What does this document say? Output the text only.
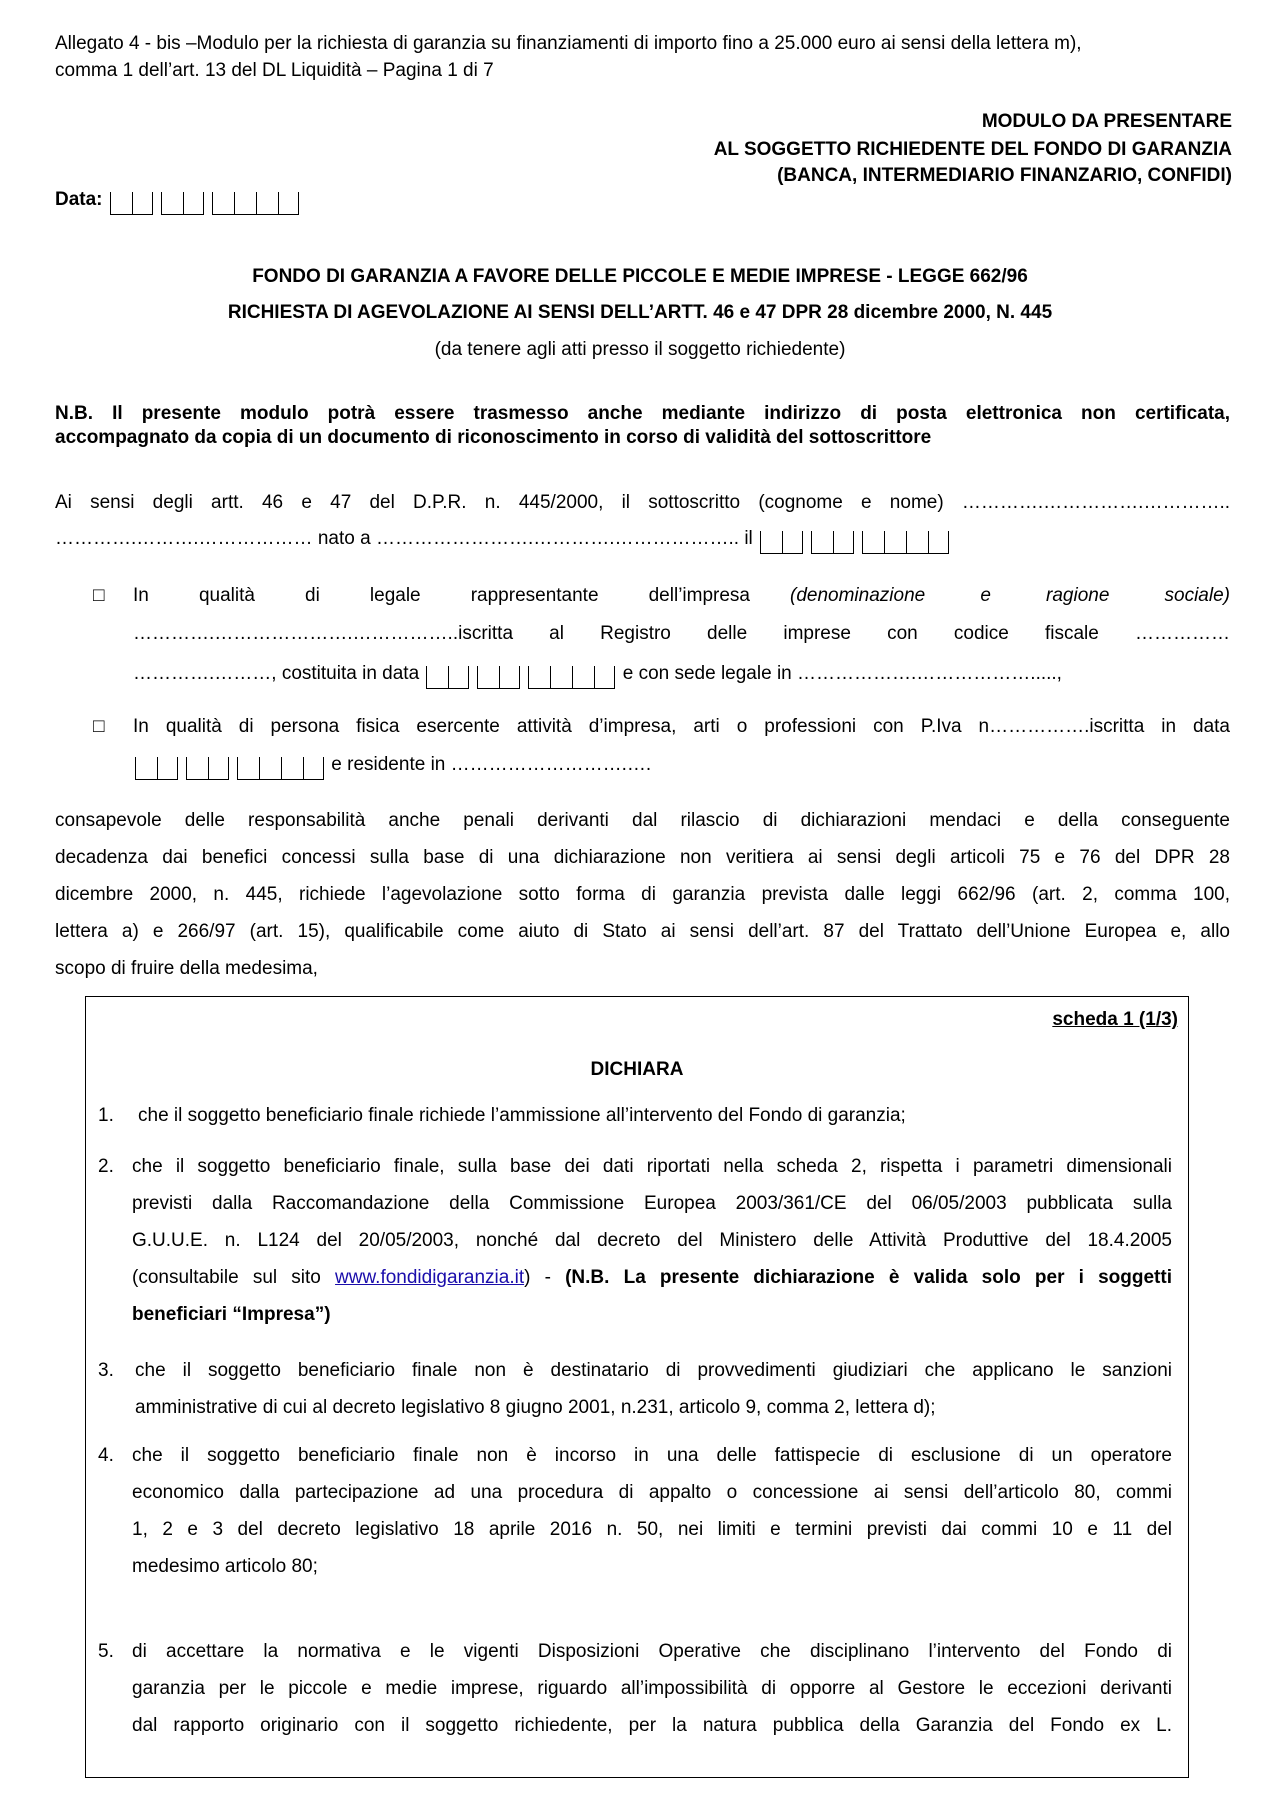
Allegato 4 - bis –Modulo per la richiesta di garanzia su finanziamenti di importo fino a 25.000 euro ai sensi della lettera m),
comma 1 dell’art. 13 del DL Liquidità – Pagina 1 di 7
MODULO DA PRESENTARE
AL SOGGETTO RICHIEDENTE DEL FONDO DI GARANZIA
(BANCA, INTERMEDIARIO FINANZARIO, CONFIDI)
Data:
FONDO DI GARANZIA A FAVORE DELLE PICCOLE E MEDIE IMPRESE - LEGGE 662/96
RICHIESTA DI AGEVOLAZIONE AI SENSI DELL’ARTT. 46 e 47 DPR 28 dicembre 2000, N. 445
(da tenere agli atti presso il soggetto richiedente)
N.B. Il presente modulo potrà essere trasmesso anche mediante indirizzo di posta elettronica non certificata,
accompagnato da copia di un documento di riconoscimento in corso di validità del sottoscrittore
Ai sensi degli artt. 46 e 47 del D.P.R. n. 445/2000, il sottoscritto (cognome e nome) ………….…………….…………..
………….……….……………… nato a …………………….………….……………….. il
□ In qualità di legale rappresentante dell’impresa	(denominazione e ragione sociale)
………….………………….……………..iscritta al Registro delle imprese con codice fiscale ……………
………….………, costituita in data	e con sede legale in ……………….……………….....,
□ In qualità di persona fisica esercente attività d’impresa, arti o professioni con P.Iva n…………….iscritta in data
e residente in ……………………….….
consapevole delle responsabilità anche penali derivanti dal rilascio di dichiarazioni mendaci e della conseguente
decadenza dai benefici concessi sulla base di una dichiarazione non veritiera ai sensi degli articoli 75 e 76 del DPR 28
dicembre 2000, n. 445, richiede l’agevolazione sotto forma di garanzia prevista dalle leggi 662/96 (art. 2, comma 100,
lettera a) e 266/97 (art. 15), qualificabile come aiuto di Stato ai sensi dell’art. 87 del Trattato dell’Unione Europea e, allo
scopo di fruire della medesima,
scheda 1 (1/3)
DICHIARA
1.	che il soggetto beneficiario finale richiede l’ammissione all’intervento del Fondo di garanzia;
2. che il soggetto beneficiario finale, sulla base dei dati riportati nella scheda 2, rispetta i parametri dimensionali
previsti dalla Raccomandazione della Commissione Europea 2003/361/CE del 06/05/2003 pubblicata sulla
G.U.U.E. n. L124 del 20/05/2003, nonché dal decreto del Ministero delle Attività Produttive del 18.4.2005
(consultabile sul sito www.fondidigaranzia.it) - (N.B. La presente dichiarazione è valida solo per i soggetti
beneficiari “Impresa”)
3.	che il soggetto beneficiario finale non è destinatario di provvedimenti giudiziari che applicano le sanzioni
amministrative di cui al decreto legislativo 8 giugno 2001, n.231, articolo 9, comma 2, lettera d);
4. che il soggetto beneficiario finale non è incorso in una delle fattispecie di esclusione di un operatore
economico dalla partecipazione ad una procedura di appalto o concessione ai sensi dell’articolo 80, commi
1, 2 e 3 del decreto legislativo 18 aprile 2016 n. 50, nei limiti e termini previsti dai commi 10 e 11 del
medesimo articolo 80;
5. di accettare la normativa e le vigenti Disposizioni Operative che disciplinano l’intervento del Fondo di
garanzia per le piccole e medie imprese, riguardo all’impossibilità di opporre al Gestore le eccezioni derivanti
dal rapporto originario con il soggetto richiedente, per la natura pubblica della Garanzia del Fondo ex L.
